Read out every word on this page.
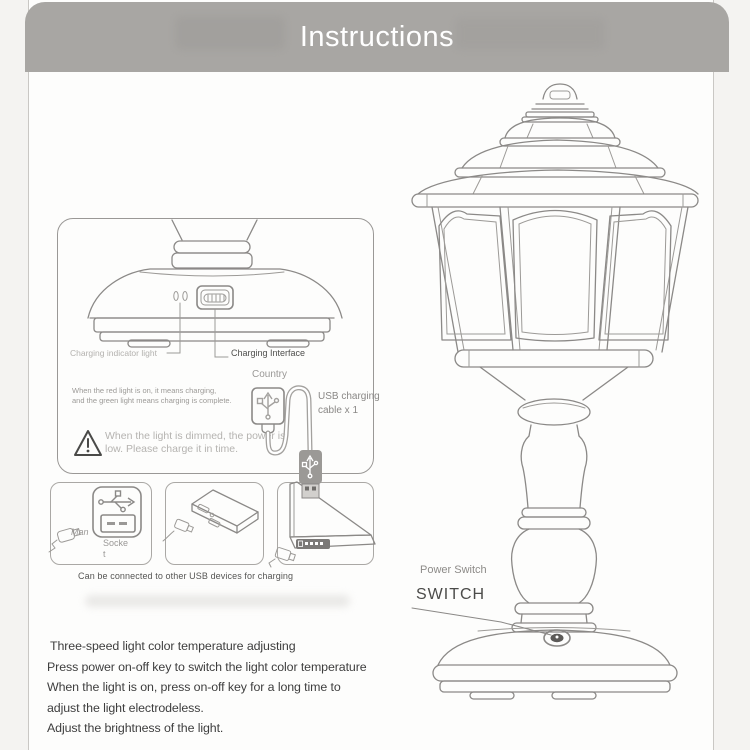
Instructions
Power Switch
SWITCH
Charging indicator light	Charging Interface
When the red light is on, it means charging,
and the green light means charging is complete.
When the light is dimmed, the power is
low. Please charge it in time.
Country
USB charging
cable x 1
Man
Socke
t
Can be connected to other USB devices for charging
Three-speed light color temperature adjusting
Press power on-off key to switch the light color temperature
When the light is on, press on-off key for a long time to
adjust the light electrodeless.
Adjust the brightness of the light.
